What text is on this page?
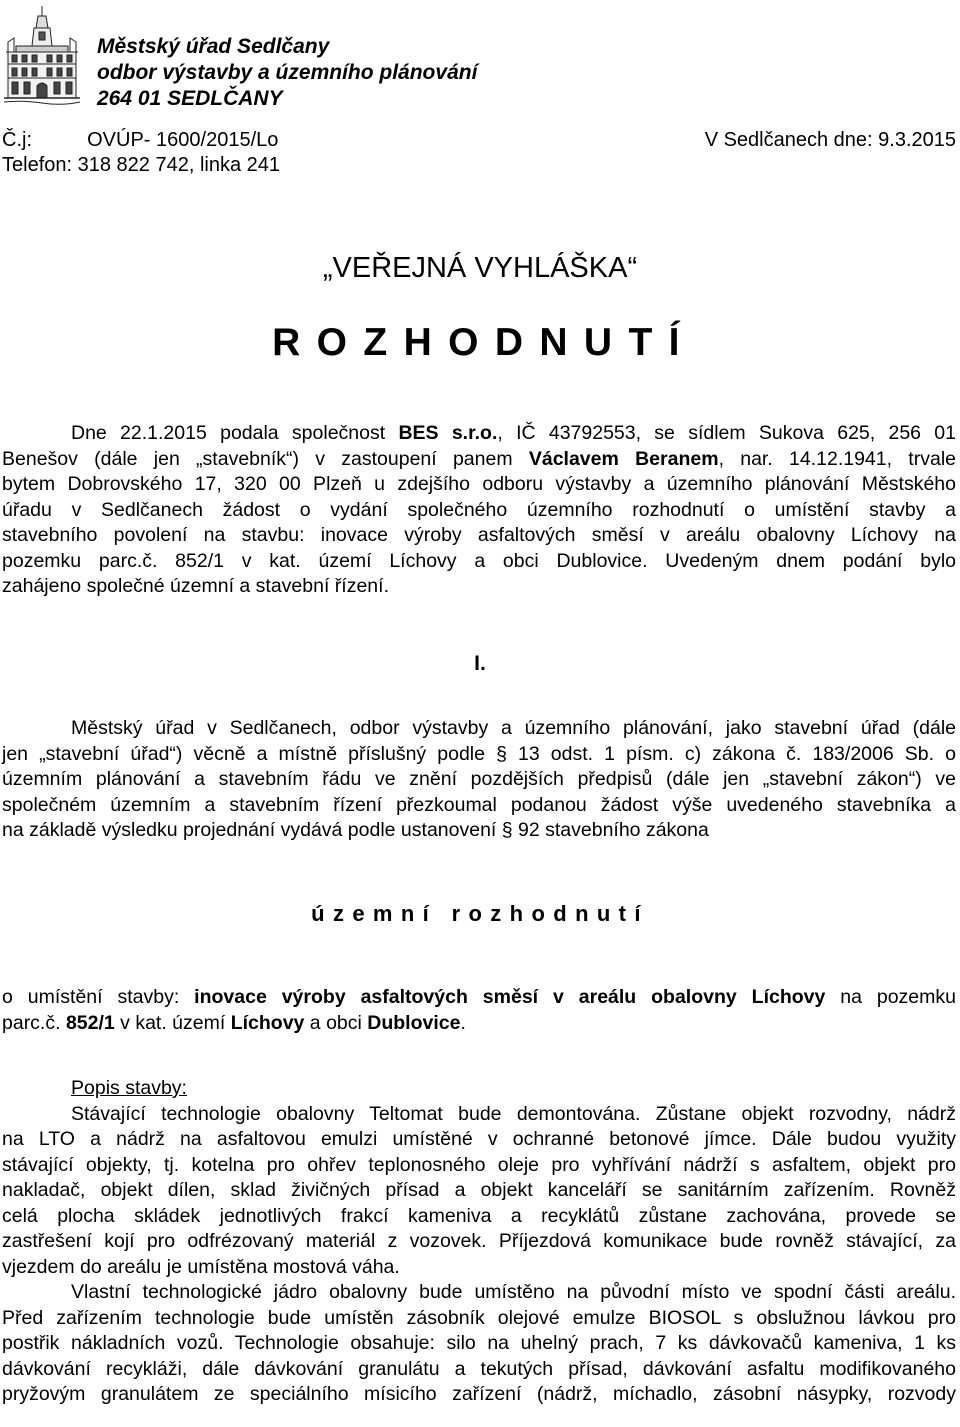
Městský úřad Sedlčany
odbor výstavby a územního plánování
264 01 SEDLČANY
Č.j:	OVÚP- 1600/2015/Lo	V Sedlčanech dne: 9.3.2015
Telefon: 318 822 742, linka 241
„VEŘEJNÁ VYHLÁŠKA“
ROZHODNUTÍ
Dne 22.1.2015 podala společnost BES s.r.o., IČ 43792553, se sídlem Sukova 625, 256 01
Benešov (dále jen „stavebník“) v zastoupení panem Václavem Beranem, nar. 14.12.1941, trvale
bytem Dobrovského 17, 320 00 Plzeň u zdejšího odboru výstavby a územního plánování Městského
úřadu v Sedlčanech žádost o vydání společného územního rozhodnutí o umístění stavby a
stavebního povolení na stavbu: inovace výroby asfaltových směsí v areálu obalovny Líchovy na
pozemku parc.č. 852/1 v kat. území Líchovy a obci Dublovice. Uvedeným dnem podání bylo
zahájeno společné územní a stavební řízení.
I.
Městský úřad v Sedlčanech, odbor výstavby a územního plánování, jako stavební úřad (dále
jen „stavební úřad“) věcně a místně příslušný podle § 13 odst. 1 písm. c) zákona č. 183/2006 Sb. o
územním plánování a stavebním řádu ve znění pozdějších předpisů (dále jen „stavební zákon“) ve
společném územním a stavebním řízení přezkoumal podanou žádost výše uvedeného stavebníka a
na základě výsledku projednání vydává podle ustanovení § 92 stavebního zákona
územní rozhodnutí
o umístění stavby: inovace výroby asfaltových směsí v areálu obalovny Líchovy na pozemku
parc.č. 852/1 v kat. území Líchovy a obci Dublovice.
Popis stavby:
Stávající technologie obalovny Teltomat bude demontována. Zůstane objekt rozvodny, nádrž
na LTO a nádrž na asfaltovou emulzi umístěné v ochranné betonové jímce. Dále budou využity
stávající objekty, tj. kotelna pro ohřev teplonosného oleje pro vyhřívání nádrží s asfaltem, objekt pro
nakladač, objekt dílen, sklad živičných přísad a objekt kanceláří se sanitárním zařízením. Rovněž
celá plocha skládek jednotlivých frakcí kameniva a recyklátů zůstane zachována, provede se
zastřešení kojí pro odfrézovaný materiál z vozovek. Příjezdová komunikace bude rovněž stávající, za
vjezdem do areálu je umístěna mostová váha.
Vlastní technologické jádro obalovny bude umístěno na původní místo ve spodní části areálu.
Před zařízením technologie bude umístěn zásobník olejové emulze BIOSOL s obslužnou lávkou pro
postřik nákladních vozů. Technologie obsahuje: silo na uhelný prach, 7 ks dávkovačů kameniva, 1 ks
dávkování recykláži, dále dávkování granulátu a tekutých přísad, dávkování asfaltu modifikovaného
pryžovým granulátem ze speciálního mísicího zařízení (nádrž, míchadlo, zásobní násypky, rozvody
